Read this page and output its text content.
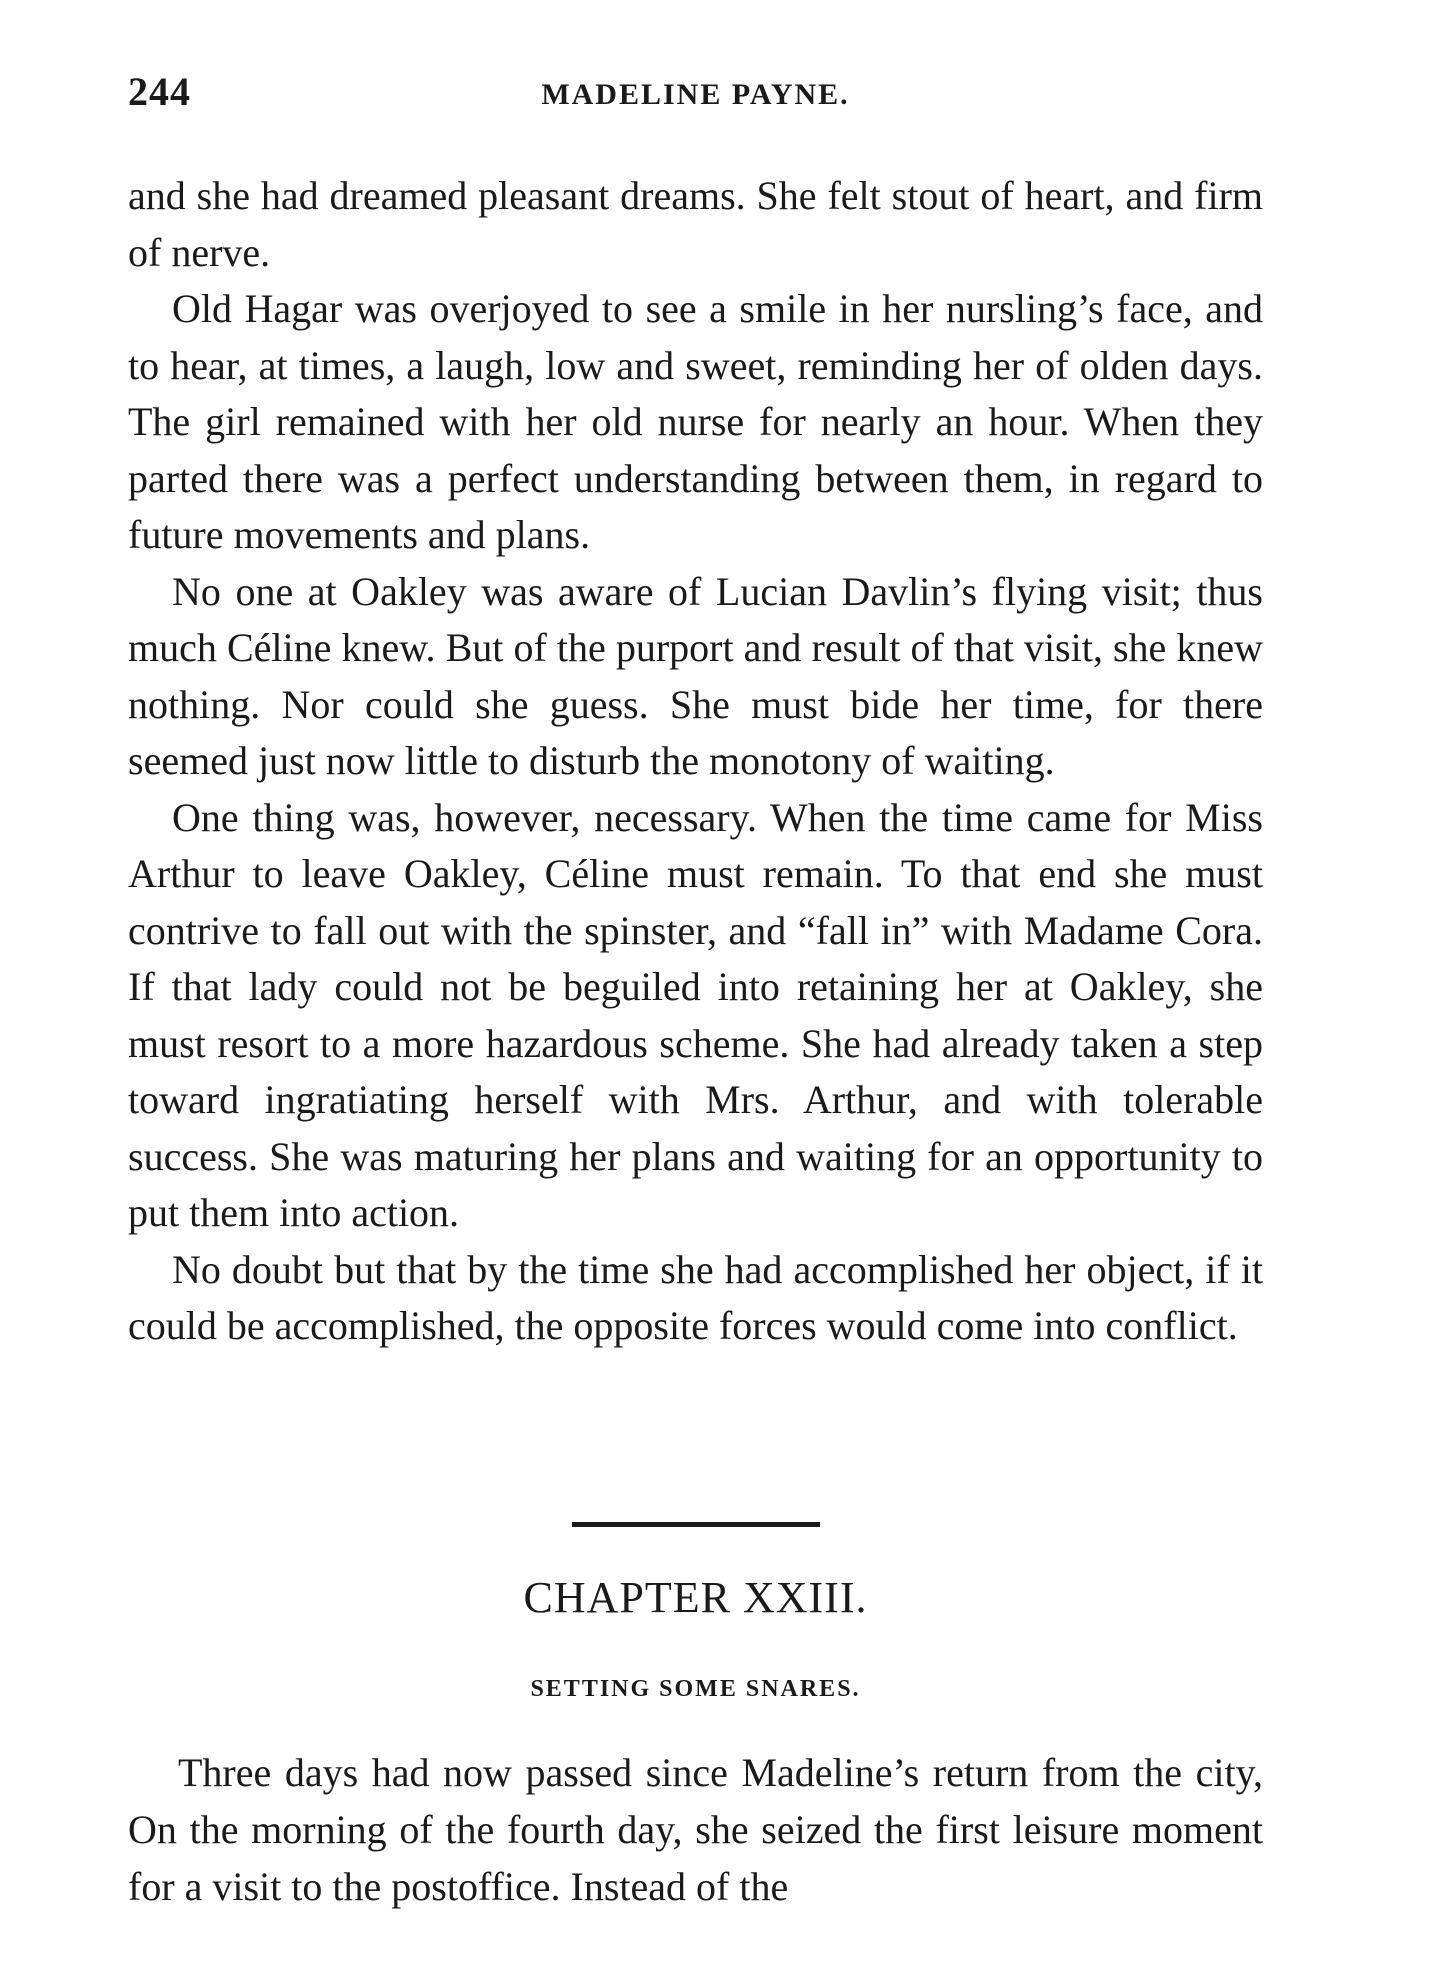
244	MADELINE PAYNE.

and she had dreamed pleasant dreams. She felt stout of heart, and firm of nerve.

Old Hagar was overjoyed to see a smile in her nursling’s face, and to hear, at times, a laugh, low and sweet, reminding her of olden days. The girl remained with her old nurse for nearly an hour. When they parted there was a perfect understanding between them, in regard to future movements and plans.

No one at Oakley was aware of Lucian Davlin’s flying visit; thus much Céline knew. But of the purport and result of that visit, she knew nothing. Nor could she guess. She must bide her time, for there seemed just now little to disturb the monotony of waiting.

One thing was, however, necessary. When the time came for Miss Arthur to leave Oakley, Céline must remain. To that end she must contrive to fall out with the spinster, and “fall in” with Madame Cora. If that lady could not be beguiled into retaining her at Oakley, she must resort to a more hazardous scheme. She had already taken a step toward ingratiating herself with Mrs. Arthur, and with tolerable success. She was maturing her plans and waiting for an opportunity to put them into action.

No doubt but that by the time she had accomplished her object, if it could be accomplished, the opposite forces would come into conflict.

CHAPTER XXIII.
SETTING SOME SNARES.

Three days had now passed since Madeline’s return from the city, On the morning of the fourth day, she seized the first leisure moment for a visit to the postoffice. Instead of the
